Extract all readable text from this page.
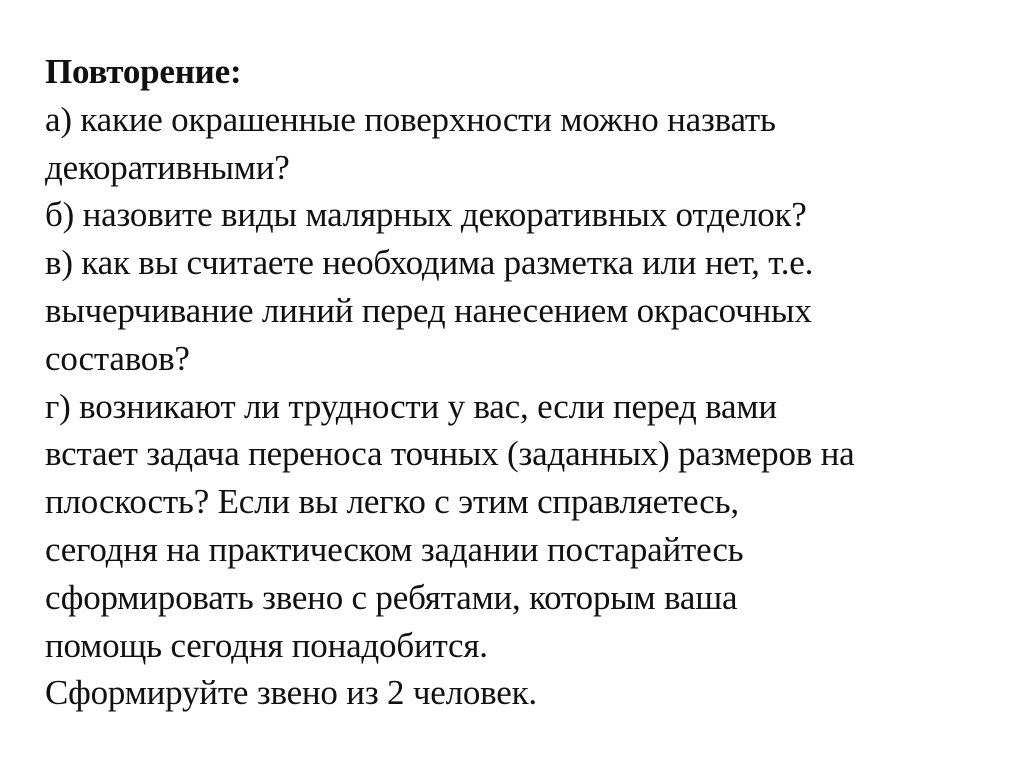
Повторение:
а) какие окрашенные поверхности можно назвать
декоративными?
б) назовите виды малярных декоративных отделок?
в) как вы считаете необходима разметка или нет, т.е.
вычерчивание линий перед нанесением окрасочных
составов?
г) возникают ли трудности у вас, если перед вами
встает задача переноса точных (заданных) размеров на
плоскость? Если вы легко с этим справляетесь,
сегодня на практическом задании постарайтесь
сформировать звено с ребятами, которым ваша
помощь сегодня понадобится.
Сформируйте звено из 2 человек.
